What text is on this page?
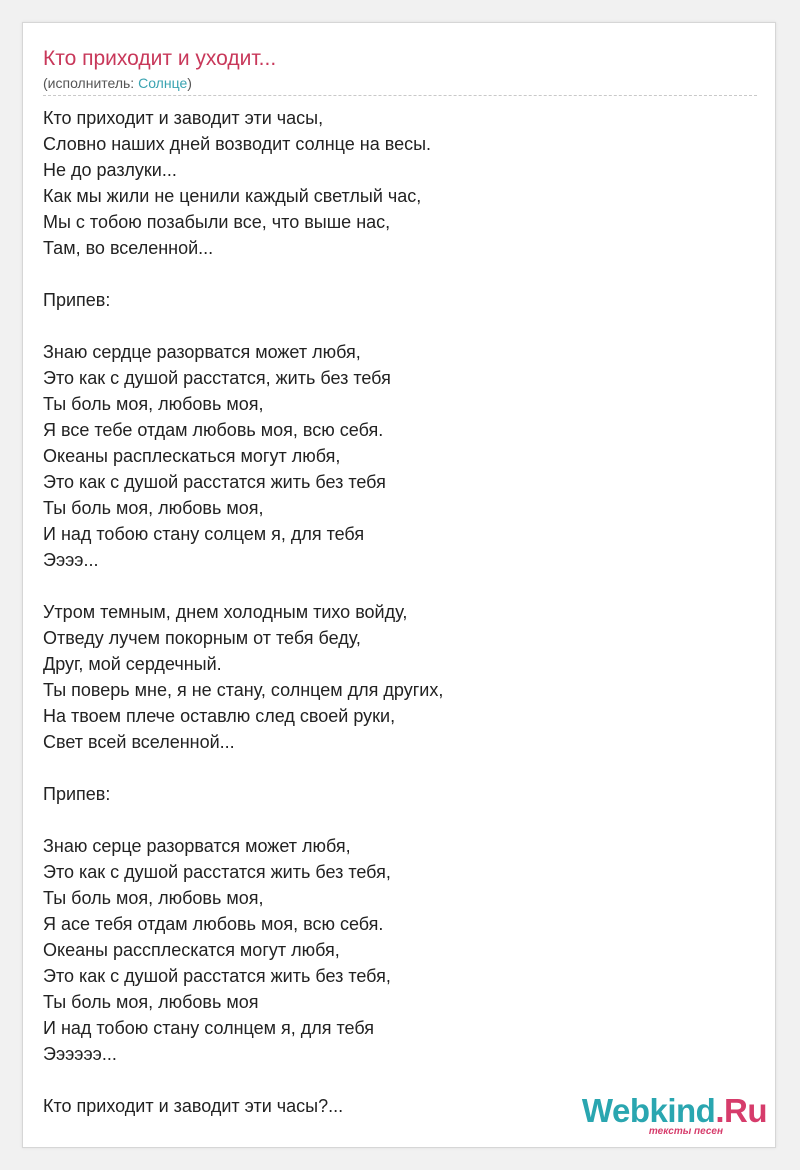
Кто приходит и уходит...
(исполнитель: Солнце)
Кто приходит и заводит эти часы,
Словно наших дней возводит солнце на весы.
Не до разлуки...
Как мы жили не ценили каждый светлый час,
Мы с тобою позабыли все, что выше нас,
Там, во вселенной...
Припев:
Знаю сердце разорватся может любя,
Это как с душой расстатся, жить без тебя
Ты боль моя, любовь моя,
Я все тебе отдам любовь моя, всю себя.
Океаны расплескаться могут любя,
Это как с душой расстатся жить без тебя
Ты боль моя, любовь моя,
И над тобою стану солцем я, для тебя
Ээээ...
Утром темным, днем холодным тихо войду,
Отведу лучем покорным от тебя беду,
Друг, мой сердечный.
Ты поверь мне, я не стану, солнцем для других,
На твоем плече оставлю след своей руки,
Свет всей вселенной...
Припев:
Знаю серце разорватся может любя,
Это как с душой расстатся жить без тебя,
Ты боль моя, любовь моя,
Я асе тебя отдам любовь моя, всю себя.
Океаны рассплескатся могут любя,
Это как с душой расстатся жить без тебя,
Ты боль моя, любовь моя
И над тобою стану солнцем я, для тебя
Ээээээ...
Кто приходит и заводит эти часы?...	Webkind.Ru
тексты песен
